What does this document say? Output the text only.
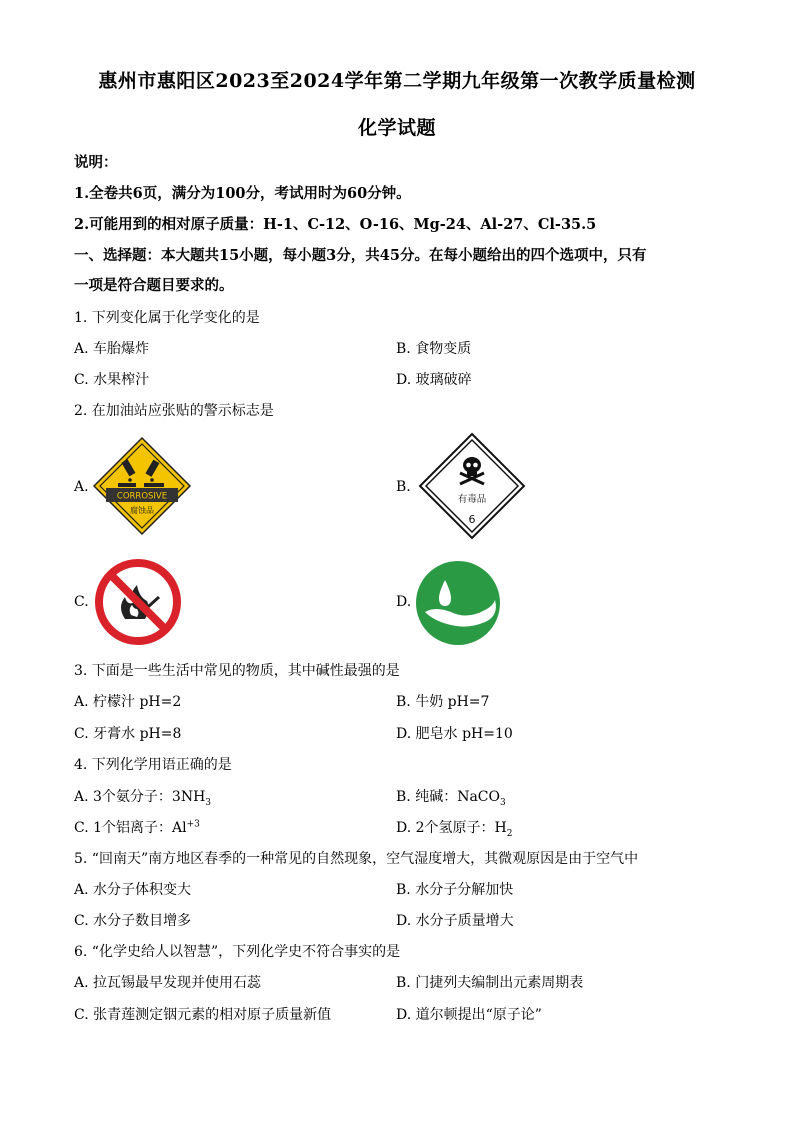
惠州市惠阳区2023至2024学年第二学期九年级第一次教学质量检测
化学试题
说明：
1.全卷共6页，满分为100分，考试用时为60分钟。
2.可能用到的相对原子质量：H-1、C-12、O-16、Mg-24、Al-27、Cl-35.5
一、选择题：本大题共15小题，每小题3分，共45分。在每小题给出的四个选项中，只有
一项是符合题目要求的。
1. 下列变化属于化学变化的是
A. 车胎爆炸	B. 食物变质
C. 水果榨汁	D. 玻璃破碎
2. 在加油站应张贴的警示标志是
A.
CORROSIVE
腐蚀品
B.
有毒品
6
C.	D.
3. 下面是一些生活中常见的物质，其中碱性最强的是
A. 柠檬汁 pH=2	B. 牛奶 pH=7
C. 牙膏水 pH=8	D. 肥皂水 pH=10
4. 下列化学用语正确的是
A. 3个氨分子：$3NH_3$	B. 纯碱：NaCO$_3$
C. 1个铝离子：$Al^{+3}$	D. 2个氢原子：$H_2$
5. “回南天”南方地区春季的一种常见的自然现象，空气湿度增大，其微观原因是由于空气中
A. 水分子体积变大	B. 水分子分解加快
C. 水分子数目增多	D. 水分子质量增大
6. “化学史给人以智慧”，下列化学史不符合事实的是
A. 拉瓦锡最早发现并使用石蕊	B. 门捷列夫编制出元素周期表
C. 张青莲测定铟元素的相对原子质量新值	D. 道尔顿提出“原子论”
